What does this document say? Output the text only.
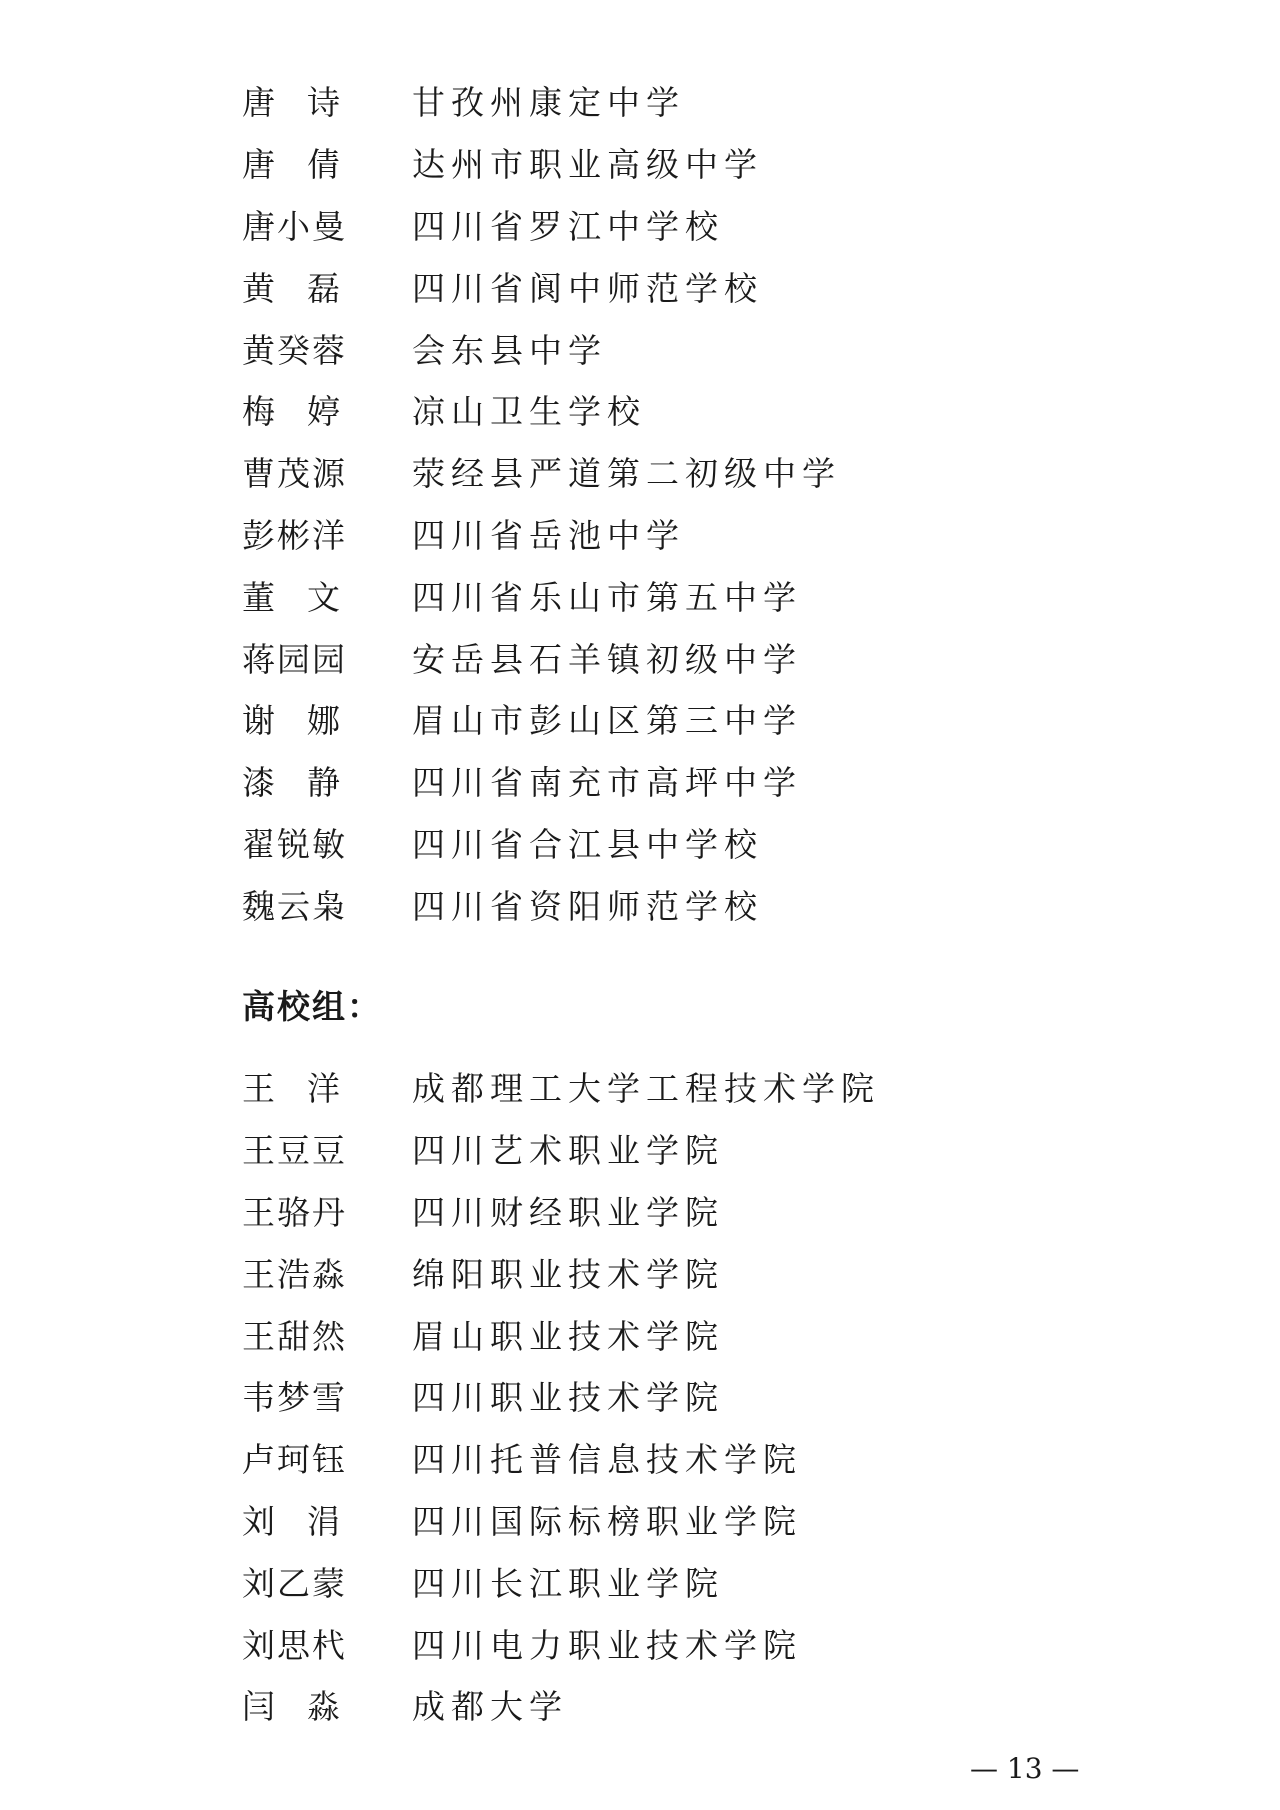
唐 诗 甘孜州康定中学
唐 倩 达州市职业高级中学
唐小曼	四川省罗江中学校
黄 磊 四川省阆中师范学校
黄癸蓉	会东县中学
梅 婷 凉山卫生学校
曹茂源	荥经县严道第二初级中学
彭彬洋	四川省岳池中学
董 文 四川省乐山市第五中学
蒋园园	安岳县石羊镇初级中学
谢 娜 眉山市彭山区第三中学
漆 静 四川省南充市高坪中学
翟锐敏	四川省合江县中学校
魏云枭	四川省资阳师范学校
高校组：
王 洋 成都理工大学工程技术学院
王豆豆	四川艺术职业学院
王骆丹	四川财经职业学院
王浩淼	绵阳职业技术学院
王甜然	眉山职业技术学院
韦梦雪	四川职业技术学院
卢珂钰	四川托普信息技术学院
刘 涓 四川国际标榜职业学院
刘乙蒙	四川长江职业学院
刘思杙	四川电力职业技术学院
闫 淼 成都大学
— 13 —
